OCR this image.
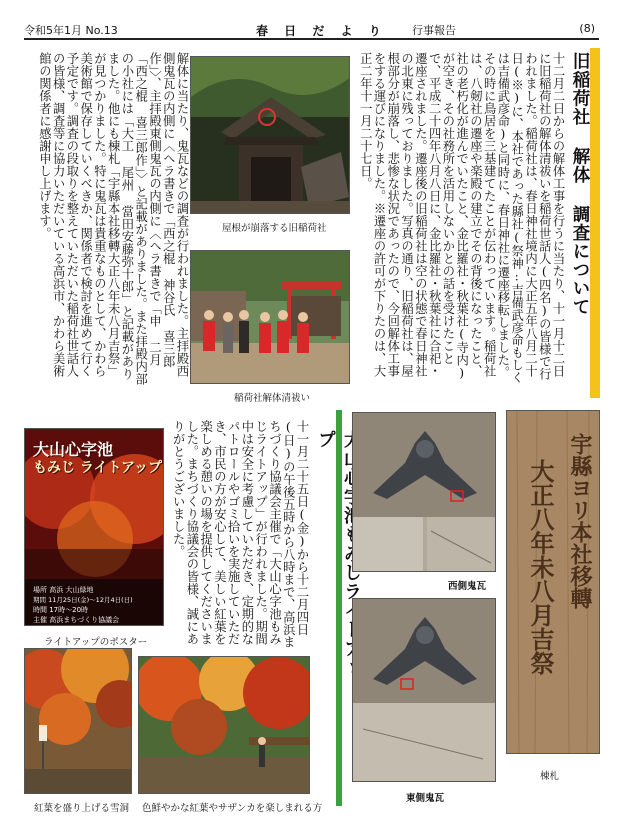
令和5年1月 No.13	春 日 だ よ り 行事報告	(8)
旧稲荷社 解体 調査について
十二月二日からの解体工事を行うに当たり、十一月十二日に旧稲荷社の解体清祓いを稲荷世話人(四名)の皆様で行われました。稲荷社は、春日神社境内に大正五年八月二十日(※)に、本社であった縣社(祭神:吉備武彦命もしくは吉備武彦命)と同時に、春日神社に遷座移転しました。その時に鳥居を三基建てたことが伝わっています。稲荷社は、八剱社の遷座や楽殿の建立でその背後になったこと、社の老朽化が進んでいたこと、金比羅社・秋葉社(寺内)が空き、その社務所を活用しないかとの話を受けたことで、平成二十四年八月八日に、金比羅社・秋葉社に合祀・遷座されました。遷座後の旧稲荷社は空の状態で春日神社の北東に残っておりました。写真の通り、旧稲荷社は、屋根部分が崩落し、悲惨な状況であったので、今回解体工事をする運びになりました。※遷座の許可が下りたのは、大正二年十一月二十七日。
屋根が崩落する旧稲荷社
稲荷社解体清祓い
解体に当たり、鬼瓦などの調査が行われました。主拝殿西側鬼瓦の内側に〈ヘラ書きで「西之棍 神谷氏 喜三郎 作」〉、主拝殿東側鬼瓦の内側に〈ヘラ書きで「申 二月 「西之棍 喜三郎作」〉と記載がありました。また拝殿内部の小社には「大工 尾州 當田安藤弥十郎」と記載がありました。他にも棟札「宇縣本社移轉大正八年未八月吉祭」が見つかりました。特に鬼瓦は貴重なものとして、かわら美術館で保存していくべきか、関係者で検討を進めて行く予定です。調査の段取りを整えていただいた稲荷社世話人の皆様、調査等に協力いただいている高浜市、かわら美術館の関係者に感謝申し上げます。
じライ プ
十一月二十五日(金)から十二月四日(日)の午後五時から八時まで、高浜まちづくり協議会主催で「大山心字池もみじライトアップ」が行われました。期間中は安全に考慮していただき、定期的なパトロールやゴミ拾いを実施していただき、市民の方が安心して、美しい紅葉を楽しめる憩いの場を提供してくださいました。まちづくり協議会の皆様、誠にありがとうございました。
大山心字池
もみじ ライトアップ
場所 高浜 大山緑地
期間 11月25日(金)～12月4日(日)
時間 17時～20時
主催 高浜まちづくり協議会
ライトアップのポスター
紅葉を盛り上げる雪洞 色鮮やかな紅葉やサザンカを楽しまれる方
西側鬼瓦
東側鬼瓦
宇縣ヨリ本社移轉
大正八年未八月吉祭
棟札
